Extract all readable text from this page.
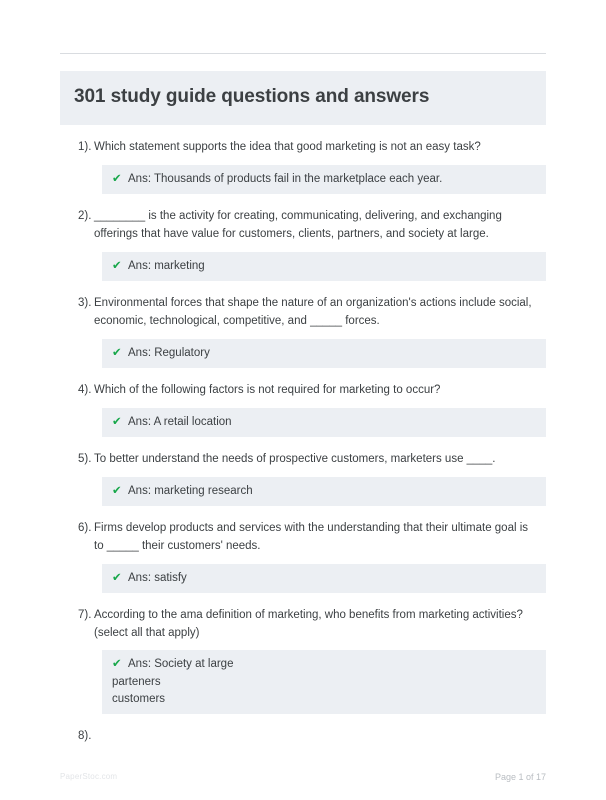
301 study guide questions and answers
1). Which statement supports the idea that good marketing is not an easy task?
✔ Ans: Thousands of products fail in the marketplace each year.
2). ________ is the activity for creating, communicating, delivering, and exchanging offerings that have value for customers, clients, partners, and society at large.
✔ Ans: marketing
3). Environmental forces that shape the nature of an organization's actions include social, economic, technological, competitive, and _____ forces.
✔ Ans: Regulatory
4). Which of the following factors is not required for marketing to occur?
✔ Ans: A retail location
5). To better understand the needs of prospective customers, marketers use ____.
✔ Ans: marketing research
6). Firms develop products and services with the understanding that their ultimate goal is to _____ their customers' needs.
✔ Ans: satisfy
7). According to the ama definition of marketing, who benefits from marketing activities? (select all that apply)
✔ Ans: Society at large
parteners
customers
8).
PaperStoc.com	Page 1 of 17
